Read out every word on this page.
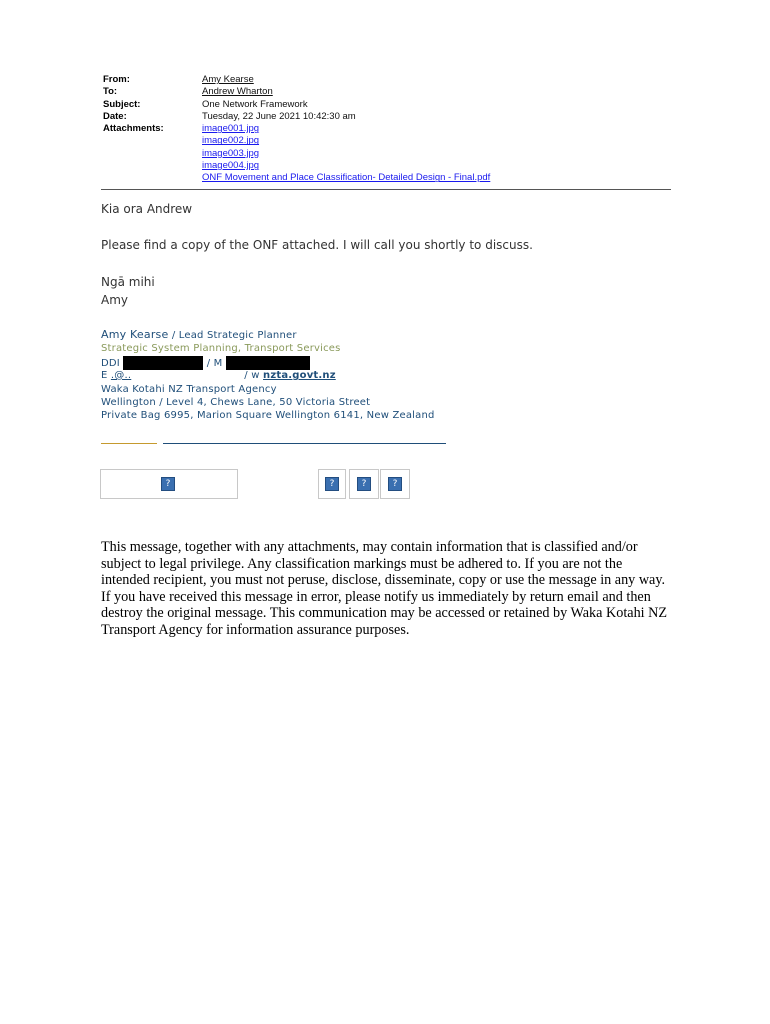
From:	Amy Kearse
To:	Andrew Wharton
Subject:	One Network Framework
Date:	Tuesday, 22 June 2021 10:42:30 am
Attachments:	image001.jpg
image002.jpg
image003.jpg
image004.jpg
ONF Movement and Place Classification- Detailed Design - Final.pdf
Kia ora Andrew
Please find a copy of the ONF attached. I will call you shortly to discuss.
Ngā mihi
Amy
Amy Kearse / Lead Strategic Planner
Strategic System Planning, Transport Services
DDI	/ M
E .@..	/ w nzta.govt.nz
Waka Kotahi NZ Transport Agency
Wellington / Level 4, Chews Lane, 50 Victoria Street
Private Bag 6995, Marion Square Wellington 6141, New Zealand
?	?	?	?
This message, together with any attachments, may contain information that is classified and/or subject to legal privilege. Any classification markings must be adhered to. If you are not the intended recipient, you must not peruse, disclose, disseminate, copy or use the message in any way. If you have received this message in error, please notify us immediately by return email and then destroy the original message. This communication may be accessed or retained by Waka Kotahi NZ Transport Agency for information assurance purposes.
